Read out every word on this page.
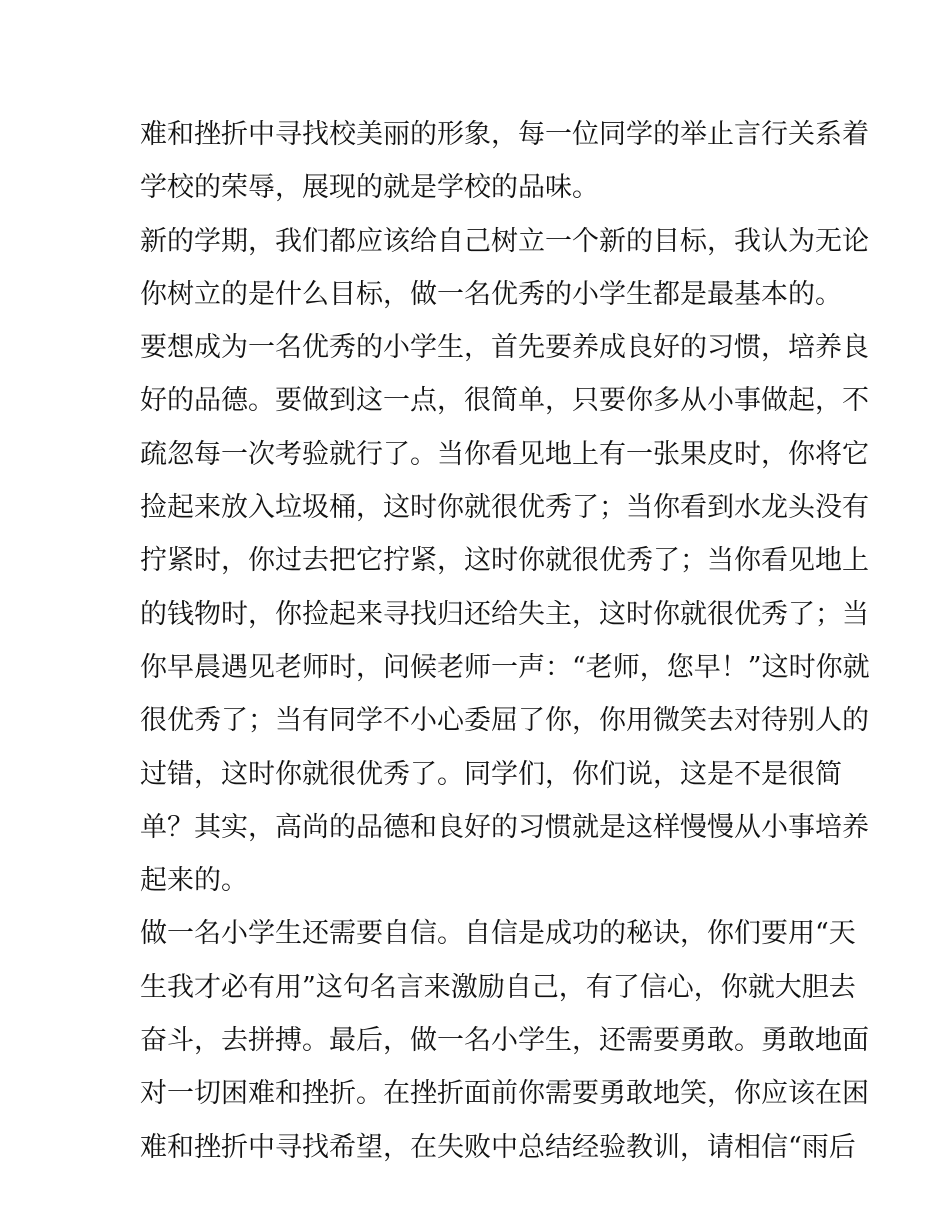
难和挫折中寻找校美丽的形象，每一位同学的举止言行关系着
学校的荣辱，展现的就是学校的品味。
新的学期，我们都应该给自己树立一个新的目标，我认为无论
你树立的是什么目标，做一名优秀的小学生都是最基本的。
要想成为一名优秀的小学生，首先要养成良好的习惯，培养良
好的品德。要做到这一点，很简单，只要你多从小事做起，不
疏忽每一次考验就行了。当你看见地上有一张果皮时，你将它
捡起来放入垃圾桶，这时你就很优秀了；当你看到水龙头没有
拧紧时，你过去把它拧紧，这时你就很优秀了；当你看见地上
的钱物时，你捡起来寻找归还给失主，这时你就很优秀了；当
你早晨遇见老师时，问候老师一声：“老师，您早！”这时你就
很优秀了；当有同学不小心委屈了你，你用微笑去对待别人的
过错，这时你就很优秀了。同学们，你们说，这是不是很简
单？其实，高尚的品德和良好的习惯就是这样慢慢从小事培养
起来的。
做一名小学生还需要自信。自信是成功的秘诀，你们要用“天
生我才必有用”这句名言来激励自己，有了信心，你就大胆去
奋斗，去拼搏。最后，做一名小学生，还需要勇敢。勇敢地面
对一切困难和挫折。在挫折面前你需要勇敢地笑，你应该在困
难和挫折中寻找希望，在失败中总结经验教训，请相信“雨后
